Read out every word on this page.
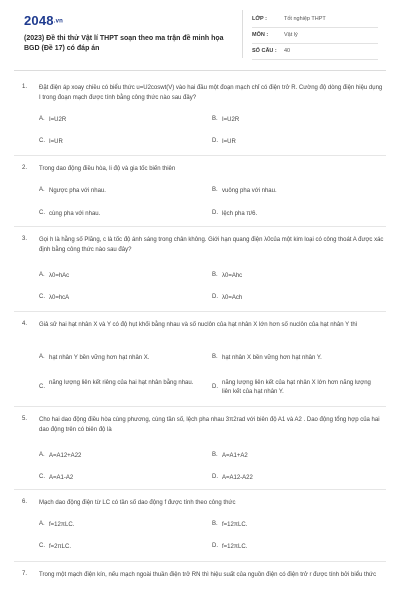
2048.vn
(2023) Đề thi thử Vật lí THPT soạn theo ma trận đề minh họa BGD (Đề 17) có đáp án
LỚP :	Tốt nghiệp THPT
MÔN :	Vật lý
SỐ CÂU : 40
1. Đặt điện áp xoay chiều có biểu thức u=U2coswt(V) vào hai đầu một đoạn mạch chỉ có điện trở R. Cường độ dòng điện hiệu dụng I trong đoạn mạch được tính bằng công thức nào sau đây?
A. I=U2R	B. I=U2R
C. I=UR	D. I=UR
2. Trong dao động điều hòa, li độ và gia tốc biến thiên
A. Ngược pha với nhau.	B. vuông pha với nhau.
C. cùng pha với nhau.	D. lệch pha π/6.
3. Gọi h là hằng số Plăng, c là tốc độ ánh sáng trong chân không. Giới hạn quang điện λ0của một kim loại có công thoát A được xác định bằng công thức nào sau đây?
A. λ0=hAc	B. λ0=Ahc
C. λ0=hcA	D. λ0=Ach
4. Giả sử hai hạt nhân X và Y có độ hụt khối bằng nhau và số nuclôn của hạt nhân X lớn hơn số nuclôn của hạt nhân Y thì
A. hạt nhân Y bền vững hơn hạt nhân X.	B. hạt nhân X bền vững hơn hạt nhân Y.
C.
năng lượng liên kết riêng của hai hạt nhân bằng nhau.
D.
năng lượng liên kết của hạt nhân X lớn hơn năng lượng liên kết của hạt nhân Y.
5. Cho hai dao động điều hòa cùng phương, cùng tần số, lệch pha nhau 3π2rad với biên độ A1 và A2 . Dao động tổng hợp của hai dao động trên có biên độ là
A. A=A12+A22	B. A=A1+A2
C. A=A1-A2	D. A=A12-A22
6. Mạch dao động điện từ LC có tần số dao động f được tính theo công thức
A. f=12πLC.	B. f=12πLC.
C. f=2πLC.	D. f=12πLC.
7. Trong một mạch điện kín, nếu mạch ngoài thuần điện trở RN thì hiệu suất của nguồn điện có điện trở r được tính bởi biểu thức
